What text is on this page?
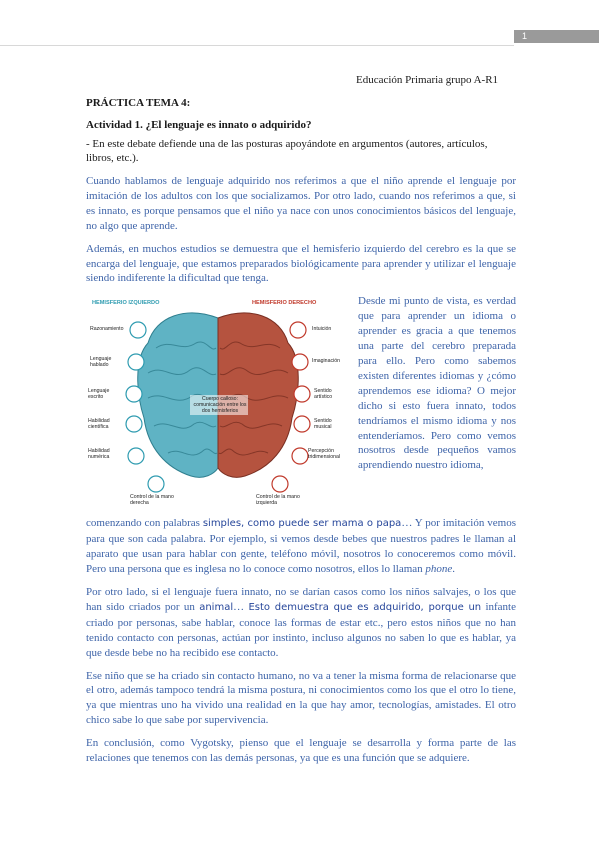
1
Educación Primaria grupo A-R1
PRÁCTICA TEMA 4:
Actividad 1. ¿El lenguaje es innato o adquirido?
- En este debate defiende una de las posturas apoyándote en argumentos (autores, artículos, libros, etc.).

Cuando hablamos de lenguaje adquirido nos referimos a que el niño aprende el lenguaje por imitación de los adultos con los que socializamos. Por otro lado, cuando nos referimos a que, si es innato, es porque pensamos que el niño ya nace con unos conocimientos básicos del lenguaje, no algo que aprende.

Además, en muchos estudios se demuestra que el hemisferio izquierdo del cerebro es la que se encarga del lenguaje, que estamos preparados biológicamente para aprender y utilizar el lenguaje siendo indiferente la dificultad que tenga.

HEMISFERIO IZQUIERDO	HEMISFERIO DERECHO
Razonamiento
Lenguaje hablado
Lenguaje escrito
Habilidad científica
Habilidad numérica
Control de la mano derecha
Intuición
Imaginación
Sentido artístico
Sentido musical
Percepción tridimensional
Control de la mano izquierda
Cuerpo calloso: comunicación entre los dos hemisferios
Desde mi punto de vista, es verdad que para aprender un idioma o aprender es gracia a que tenemos una parte del cerebro preparada para ello. Pero como sabemos existen diferentes idiomas y ¿cómo aprendemos ese idioma? O mejor dicho si esto fuera innato, todos tendríamos el mismo idioma y nos entenderíamos. Pero como vemos nosotros desde pequeños vamos aprendiendo nuestro idioma,

comenzando con palabras simples, como puede ser mama o papa… Y por imitación vemos para que son cada palabra. Por ejemplo, si vemos desde bebes que nuestros padres le llaman al aparato que usan para hablar con gente, teléfono móvil, nosotros lo conoceremos como móvil. Pero una persona que es inglesa no lo conoce como nosotros, ellos lo llaman phone.

Por otro lado, si el lenguaje fuera innato, no se darían casos como los niños salvajes, o los que han sido criados por un animal… Esto demuestra que es adquirido, porque un infante criado por personas, sabe hablar, conoce las formas de estar etc., pero estos niños que no han tenido contacto con personas, actúan por instinto, incluso algunos no saben lo que es hablar, ya que desde bebe no ha recibido ese contacto.

Ese niño que se ha criado sin contacto humano, no va a tener la misma forma de relacionarse que el otro, además tampoco tendrá la misma postura, ni conocimientos como los que el otro lo tiene, ya que mientras uno ha vivido una realidad en la que hay amor, tecnologías, amistades. El otro chico sabe lo que sabe por supervivencia.

En conclusión, como Vygotsky, pienso que el lenguaje se desarrolla y forma parte de las relaciones que tenemos con las demás personas, ya que es una función que se adquiere.
